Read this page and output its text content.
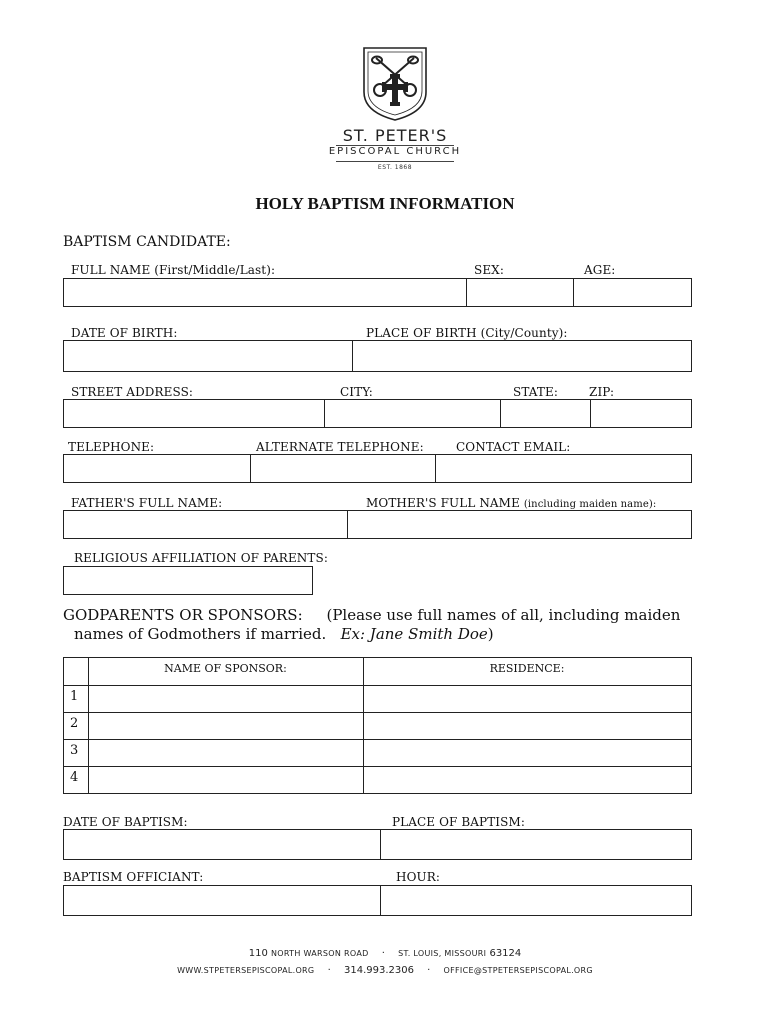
ST. PETER'S
EPISCOPAL CHURCH
EST. 1868
HOLY BAPTISM INFORMATION
BAPTISM CANDIDATE:
FULL NAME (First/Middle/Last):	SEX:	AGE:
DATE OF BIRTH:	PLACE OF BIRTH (City/County):
STREET ADDRESS:	CITY:	STATE:	ZIP:
TELEPHONE:	ALTERNATE TELEPHONE:	CONTACT EMAIL:
FATHER'S FULL NAME:	MOTHER'S FULL NAME (including maiden name):
RELIGIOUS AFFILIATION OF PARENTS:
GODPARENTS OR SPONSORS: (Please use full names of all, including maiden
names of Godmothers if married. Ex: Jane Smith Doe)
NAME OF SPONSOR:	RESIDENCE:
1
2
3
4
DATE OF BAPTISM:	PLACE OF BAPTISM:
BAPTISM OFFICIANT:	HOUR:
110 NORTH WARSON ROAD · ST. LOUIS, MISSOURI 63124
WWW.STPETERSEPISCOPAL.ORG · 314.993.2306 · OFFICE@STPETERSEPISCOPAL.ORG
